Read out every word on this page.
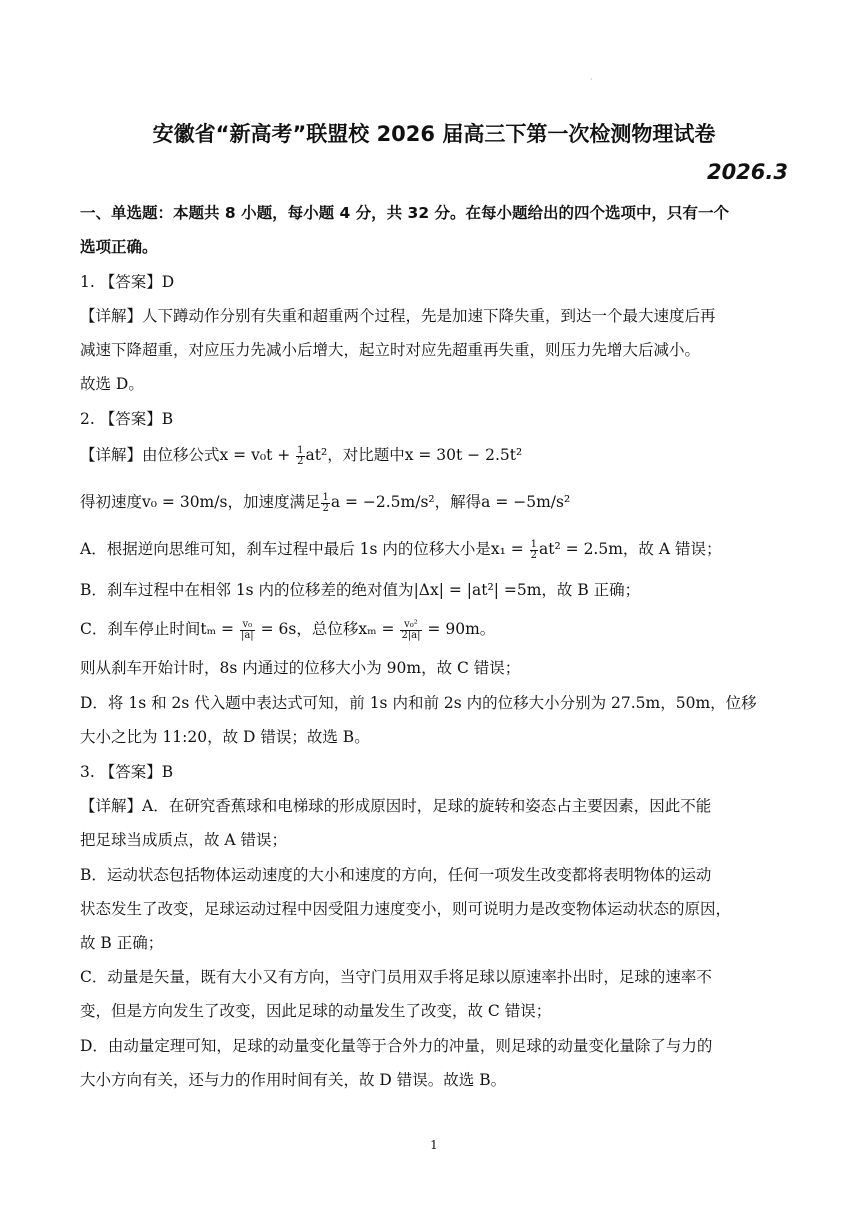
·
安徽省“新高考”联盟校 2026 届高三下第一次检测物理试卷
2026.3
一、单选题：本题共 8 小题，每小题 4 分，共 32 分。在每小题给出的四个选项中，只有一个
选项正确。
1. 【答案】D
【详解】人下蹲动作分别有失重和超重两个过程，先是加速下降失重，到达一个最大速度后再
减速下降超重，对应压力先减小后增大，起立时对应先超重再失重，则压力先增大后减小。
故选 D。
2. 【答案】B
【详解】由位移公式$x = v_0t + \frac{1}{2} at^2$，对比题中x = 30t − 2.5t²
得初速度v₀ = 30m/s，加速度满足 $\frac{1}{2}$ a = −2.5m/s²，解得a = −5m/s²
A．根据逆向思维可知，刹车过程中最后 1s 内的位移大小是$x_1 = \frac{1}{2} at^2 = 2.5m$，故 A 错误；
B．刹车过程中在相邻 1s 内的位移差的绝对值为|Δx| = |at²| =5m，故 B 正确；
C．刹车停止时间$t_m = \frac{\text{v₀}}{|a|} = 6s$，总位移$x_m = \frac{\text{v₀²}}{2|a|} = 90m$。
则从刹车开始计时，8s 内通过的位移大小为 90m，故 C 错误；
D．将 1s 和 2s 代入题中表达式可知，前 1s 内和前 2s 内的位移大小分别为 27.5m，50m，位移
大小之比为 11:20，故 D 错误；故选 B。
3. 【答案】B
【详解】A．在研究香蕉球和电梯球的形成原因时，足球的旋转和姿态占主要因素，因此不能
把足球当成质点，故 A 错误；
B．运动状态包括物体运动速度的大小和速度的方向，任何一项发生改变都将表明物体的运动
状态发生了改变，足球运动过程中因受阻力速度变小，则可说明力是改变物体运动状态的原因，
故 B 正确；
C．动量是矢量，既有大小又有方向，当守门员用双手将足球以原速率扑出时，足球的速率不
变，但是方向发生了改变，因此足球的动量发生了改变，故 C 错误；
D．由动量定理可知，足球的动量变化量等于合外力的冲量，则足球的动量变化量除了与力的
大小方向有关，还与力的作用时间有关，故 D 错误。故选 B。
1
